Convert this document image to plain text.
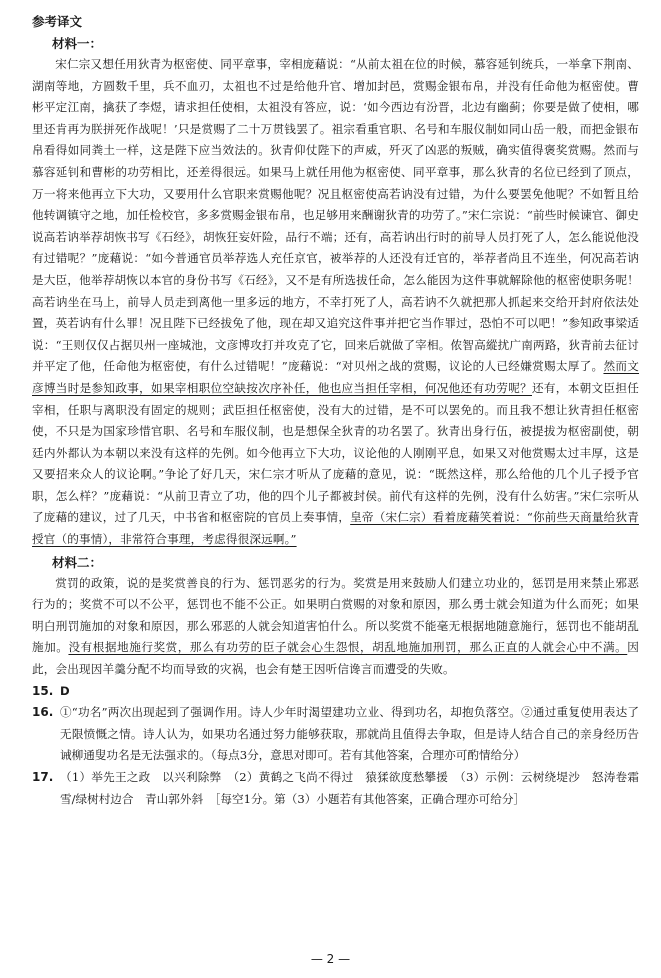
参考译文
材料一：

宋仁宗又想任用狄青为枢密使、同平章事，宰相庞藉说：“从前太祖在位的时候，慕容延钊统兵，一举拿下荆南、湖南等地，方圆数千里，兵不血刃，太祖也不过是给他升官、增加封邑，赏赐金银布帛，并没有任命他为枢密使。曹彬平定江南，擒获了李煜，请求担任使相，太祖没有答应，说：‘如今西边有汾晋，北边有幽蓟；你要是做了使相，哪里还肯再为朕拼死作战呢！’只是赏赐了二十万贯钱罢了。祖宗看重官职、名号和车服仪制如同山岳一般，而把金银布帛看得如同粪土一样，这是陛下应当效法的。狄青仰仗陛下的声威，歼灭了凶恶的叛贼，确实值得褒奖赏赐。然而与慕容延钊和曹彬的功劳相比，还差得很远。如果马上就任用他为枢密使、同平章事，那么狄青的名位已经到了顶点，万一将来他再立下大功，又要用什么官职来赏赐他呢？况且枢密使高若讷没有过错，为什么要罢免他呢？不如暂且给他转调镇守之地，加任检校官，多多赏赐金银布帛，也足够用来酬谢狄青的功劳了。”宋仁宗说：“前些时候谏官、御史说高若讷举荐胡恢书写《石经》，胡恢狂妄奸险，品行不端；还有，高若讷出行时的前导人员打死了人，怎么能说他没有过错呢？”庞藉说：“如今普通官员举荐选人充任京官，被举荐的人还没有迁官的，举荐者尚且不连坐，何况高若讷是大臣，他举荐胡恢以本官的身份书写《石经》，又不是有所选拔任命，怎么能因为这件事就解除他的枢密使职务呢！高若讷坐在马上，前导人员走到离他一里多远的地方，不幸打死了人，高若讷不久就把那人抓起来交给开封府依法处置，英若讷有什么罪！况且陛下已经拔免了他，现在却又追究这件事并把它当作罪过，恐怕不可以吧！”参知政事梁适说：“王则仅仅占据贝州一座城池，文彦博攻打并攻克了它，回来后就做了宰相。侬智高縱扰广南两路，狄青前去征讨并平定了他，任命他为枢密使，有什么过错呢！”庞藉说：“对贝州之战的赏赐，议论的人已经嫌赏赐太厚了。然而文彦博当时是参知政事，如果宰相职位空缺按次序补任，他也应当担任宰相，何况他还有功劳呢？还有，本朝文臣担任宰相，任职与离职没有固定的规则；武臣担任枢密使，没有大的过错，是不可以罢免的。而且我不想让狄青担任枢密使，不只是为国家珍惜官职、名号和车服仪制，也是想保全狄青的功名罢了。狄青出身行伍，被提拔为枢密副使，朝廷内外都认为本朝以来没有这样的先例。如今他再立下大功，议论他的人刚刚平息，如果又对他赏赐太过丰厚，这是又要招来众人的议论啊。”争论了好几天，宋仁宗才听从了庞藉的意见，说：“既然这样，那么给他的几个儿子授予官职，怎么样？”庞藉说：“从前卫青立了功，他的四个儿子都被封侯。前代有这样的先例，没有什么妨害。”宋仁宗听从了庞藉的建议，过了几天，中书省和枢密院的官员上奏事情，皇帝（宋仁宗）看着庞藉笑着说：“你前些天商量给狄青授官（的事情），非常符合事理，考虑得很深远啊。”

材料二：

赏罚的政策，说的是奖赏善良的行为、惩罚恶劣的行为。奖赏是用来鼓励人们建立功业的，惩罚是用来禁止邪恶行为的；奖赏不可以不公平，惩罚也不能不公正。如果明白赏赐的对象和原因，那么勇士就会知道为什么而死；如果明白刑罚施加的对象和原因，那么邪恶的人就会知道害怕什么。所以奖赏不能毫无根据地随意施行，惩罚也不能胡乱施加。没有根据地施行奖赏，那么有功劳的臣子就会心生怨恨，胡乱地施加刑罚，那么正直的人就会心中不满。因此，会出现因羊羹分配不均而导致的灾祸，也会有楚王因听信谗言而遭受的失败。

15. D
16. ①“功名”两次出现起到了强调作用。诗人少年时渴望建功立业、得到功名，却抱负落空。②通过重复使用表达了无限愤慨之情。诗人认为，如果功名通过努力能够获取，那就尚且值得去争取，但是诗人结合自己的亲身经历告诫柳通叟功名是无法强求的。（每点3分，意思对即可。若有其他答案，合理亦可酌情给分）
17. （1）举先王之政　以兴利除弊　（2）黄鹤之飞尚不得过　猿猱欲度愁攀援　（3）示例：云树绕堤沙　怒涛卷霜雪/绿树村边合　青山郭外斜　［每空1分。第（3）小题若有其他答案，正确合理亦可给分］
— 2 —
